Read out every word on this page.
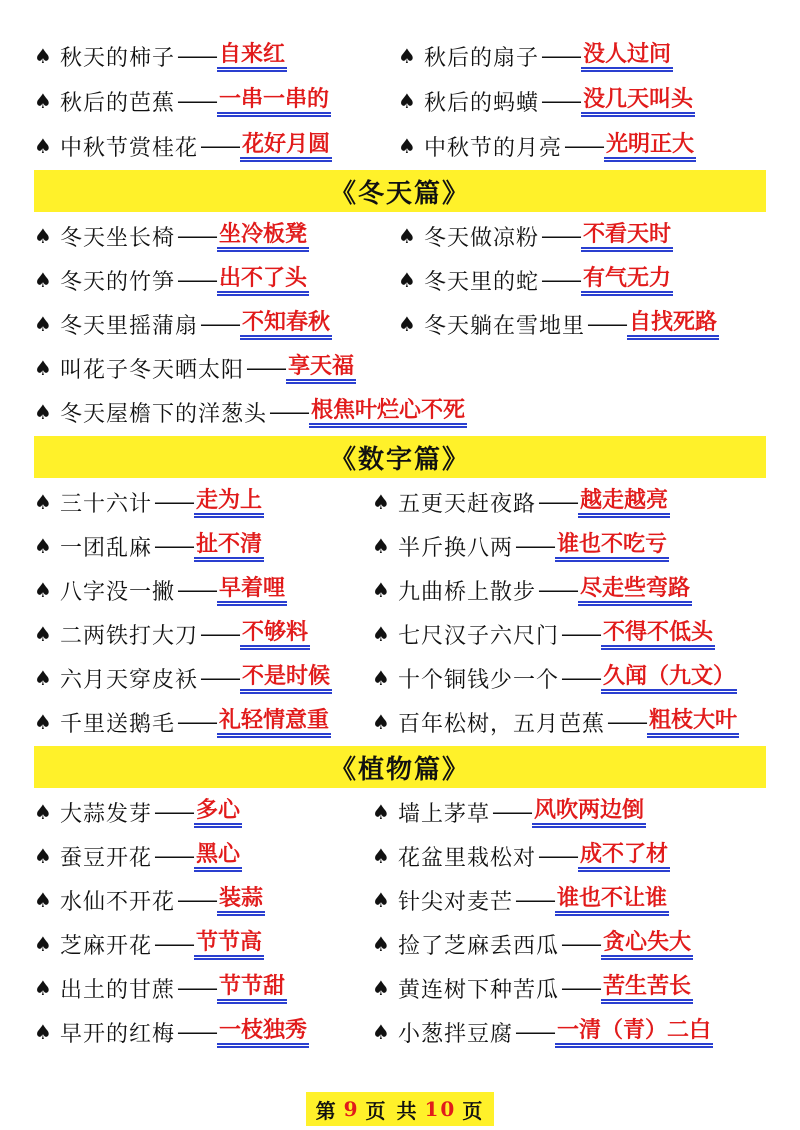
♠ 秋天的柿子 —— 自来红	♠ 秋后的扇子 —— 没人过问
♠ 秋后的芭蕉 —— 一串一串的	♠ 秋后的蚂蟥 —— 没几天叫头
♠ 中秋节赏桂花 —— 花好月圆	♠ 中秋节的月亮 —— 光明正大
《冬天篇》
♠ 冬天坐长椅 —— 坐冷板凳	♠ 冬天做凉粉 —— 不看天时
♠ 冬天的竹笋 —— 出不了头	♠ 冬天里的蛇 —— 有气无力
♠ 冬天里摇蒲扇 —— 不知春秋	♠ 冬天躺在雪地里 —— 自找死路
♠ 叫花子冬天晒太阳 —— 享天福
♠ 冬天屋檐下的洋葱头 —— 根焦叶烂心不死
《数字篇》
♠ 三十六计 —— 走为上	♠ 五更天赶夜路 —— 越走越亮
♠ 一团乱麻 —— 扯不清	♠ 半斤换八两 —— 谁也不吃亏
♠ 八字没一撇 —— 早着哩	♠ 九曲桥上散步 —— 尽走些弯路
♠ 二两铁打大刀 —— 不够料	♠ 七尺汉子六尺门 —— 不得不低头
♠ 六月天穿皮袄 —— 不是时候 ♠ 十个铜钱少一个 —— 久闻（九文）
♠ 千里送鹅毛 —— 礼轻情意重 ♠ 百年松树，五月芭蕉 —— 粗枝大叶
《植物篇》
♠ 大蒜发芽 —— 多心	♠ 墙上茅草 —— 风吹两边倒
♠ 蚕豆开花 —— 黑心	♠ 花盆里栽松对 —— 成不了材
♠ 水仙不开花 —— 装蒜	♠ 针尖对麦芒 —— 谁也不让谁
♠ 芝麻开花 —— 节节高	♠ 捡了芝麻丢西瓜 —— 贪心失大
♠ 出土的甘蔗 —— 节节甜	♠ 黄连树下种苦瓜 —— 苦生苦长
♠ 早开的红梅 —— 一枝独秀	♠ 小葱拌豆腐 —— 一清（青）二白
第 9 页 共 10 页
